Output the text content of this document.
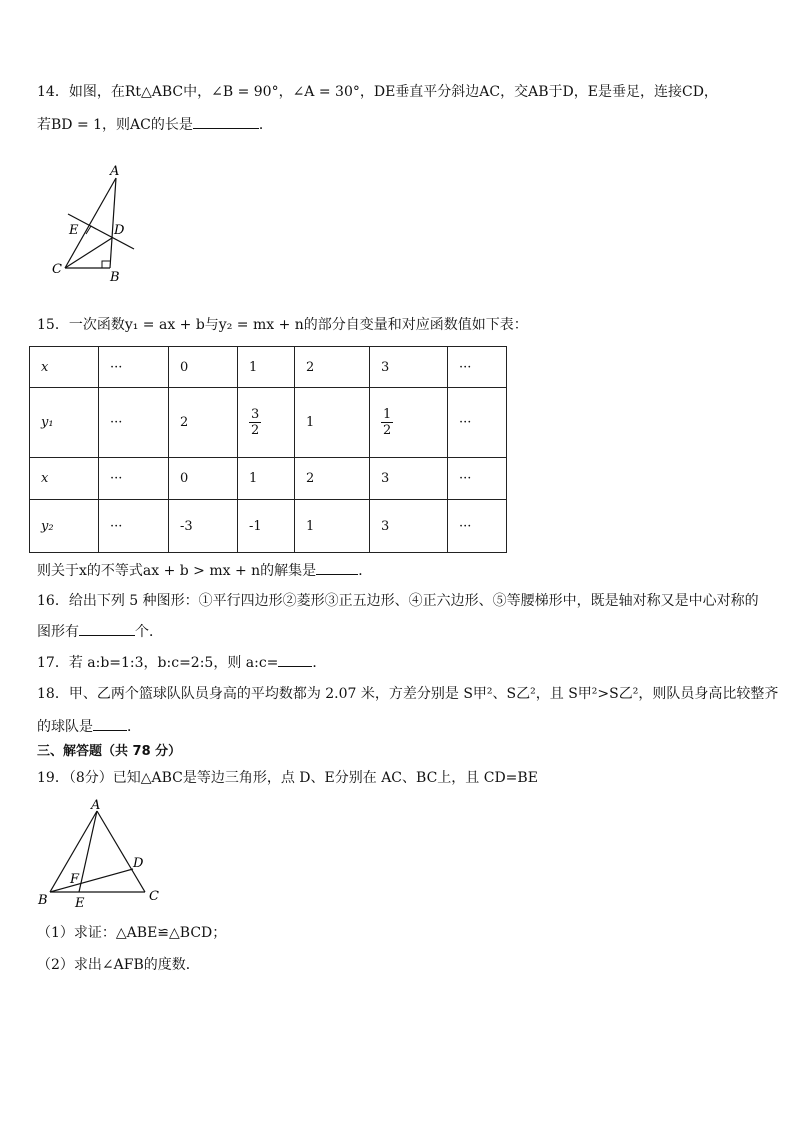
14．如图，在Rt△ABC中，∠B = 90°，∠A = 30°，DE垂直平分斜边AC，交AB于D，E是垂足，连接CD，
若BD = 1，则AC的长是	．
A
B
C
D
E
15．一次函数y₁ = ax + b与y₂ = mx + n的部分自变量和对应函数值如下表：
x	···	0	1	2	3	···
y₁	···	2	$\frac{3}{2}$	1	$\frac{1}{2}$	···
x	···	0	1	2	3	···
y₂	···	-3	-1	1	3	···
则关于x的不等式ax + b > mx + n的解集是	．
16．给出下列 5 种图形：①平行四边形②菱形③正五边形、④正六边形、⑤等腰梯形中，既是轴对称又是中心对称的
图形有	个．
17．若 a:b=1:3，b:c=2:5，则 a:c= ．
18．甲、乙两个篮球队队员身高的平均数都为 2.07 米，方差分别是 S甲²、S乙²，且 S甲²>S乙²，则队员身高比较整齐
的球队是 ．
三、解答题（共 78 分）
19．（8分）已知△ABC是等边三角形，点 D、E分别在 AC、BC上，且 CD=BE
A
B	C
D
E
F
（1）求证：△ABE≌△BCD；
（2）求出∠AFB的度数．
